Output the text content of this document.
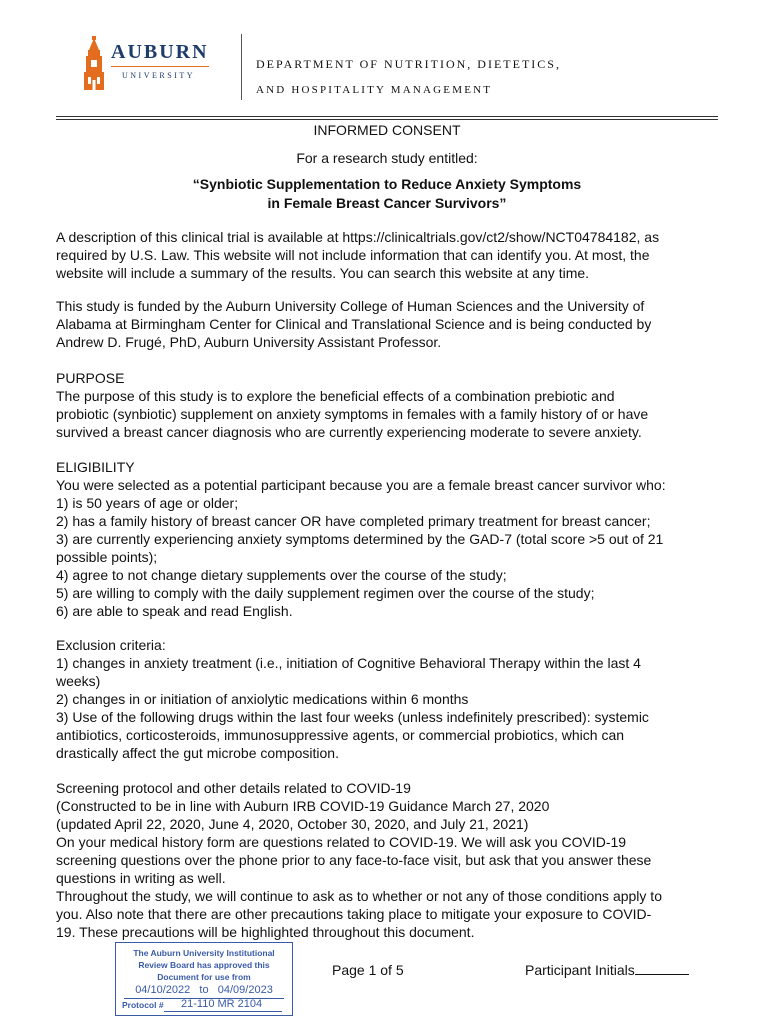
AUBURN
UNIVERSITY
DEPARTMENT OF NUTRITION, DIETETICS,
AND HOSPITALITY MANAGEMENT
INFORMED CONSENT
For a research study entitled:
“Synbiotic Supplementation to Reduce Anxiety Symptoms
in Female Breast Cancer Survivors”

A description of this clinical trial is available at https://clinicaltrials.gov/ct2/show/NCT04784182, as

required by U.S. Law. This website will not include information that can identify you. At most, the

website will include a summary of the results. You can search this website at any time.

This study is funded by the Auburn University College of Human Sciences and the University of

Alabama at Birmingham Center for Clinical and Translational Science and is being conducted by

Andrew D. Frugé, PhD, Auburn University Assistant Professor.

PURPOSE

The purpose of this study is to explore the beneficial effects of a combination prebiotic and

probiotic (synbiotic) supplement on anxiety symptoms in females with a family history of or have

survived a breast cancer diagnosis who are currently experiencing moderate to severe anxiety.

ELIGIBILITY

You were selected as a potential participant because you are a female breast cancer survivor who:

1) is 50 years of age or older;

2) has a family history of breast cancer OR have completed primary treatment for breast cancer;

3) are currently experiencing anxiety symptoms determined by the GAD-7 (total score >5 out of 21

possible points);

4) agree to not change dietary supplements over the course of the study;

5) are willing to comply with the daily supplement regimen over the course of the study;

6) are able to speak and read English.

Exclusion criteria:

1) changes in anxiety treatment (i.e., initiation of Cognitive Behavioral Therapy within the last 4

weeks)

2) changes in or initiation of anxiolytic medications within 6 months

3) Use of the following drugs within the last four weeks (unless indefinitely prescribed): systemic

antibiotics, corticosteroids, immunosuppressive agents, or commercial probiotics, which can

drastically affect the gut microbe composition.

Screening protocol and other details related to COVID-19

(Constructed to be in line with Auburn IRB COVID-19 Guidance March 27, 2020

(updated April 22, 2020, June 4, 2020, October 30, 2020, and July 21, 2021)

On your medical history form are questions related to COVID-19. We will ask you COVID-19

screening questions over the phone prior to any face-to-face visit, but ask that you answer these

questions in writing as well.

Throughout the study, we will continue to ask as to whether or not any of those conditions apply to

you. Also note that there are other precautions taking place to mitigate your exposure to COVID-

19. These precautions will be highlighted throughout this document.

The Auburn University Institutional
Review Board has approved this
Document for use from
04/10/2022   to   04/09/2023
Protocol # 21-110 MR 2104
Page 1 of 5	Participant Initials
